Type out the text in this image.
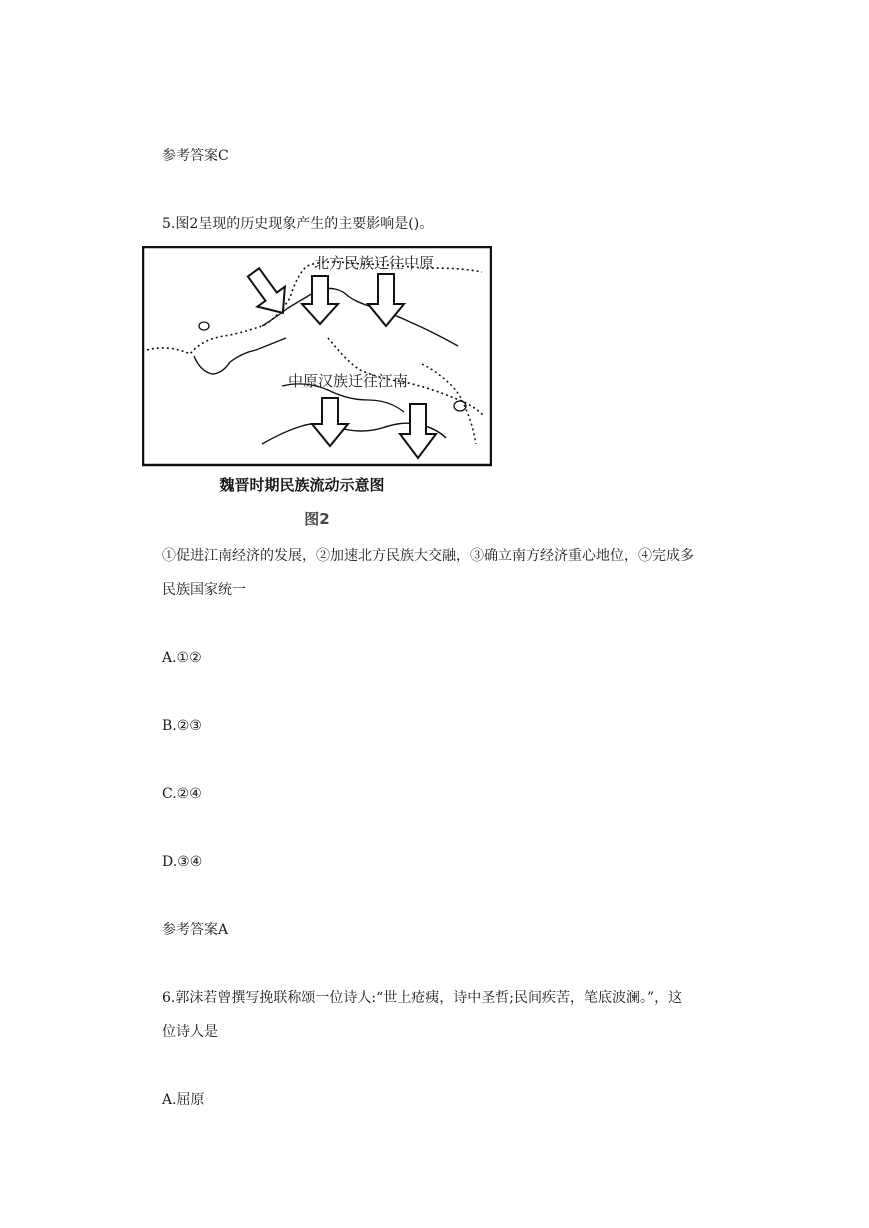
参考答案C
5.图2呈现的历史现象产生的主要影响是()。
北方民族迁往中原
中原汉族迁往江南
魏晋时期民族流动示意图
图2
①促进江南经济的发展，②加速北方民族大交融，③确立南方经济重心地位，④完成多
民族国家统一
A.①②
B.②③
C.②④
D.③④
参考答案A
6.郭沫若曾撰写挽联称颂一位诗人:“世上疮痍，诗中圣哲;民间疾苦，笔底波澜。”，这
位诗人是
A.屈原
